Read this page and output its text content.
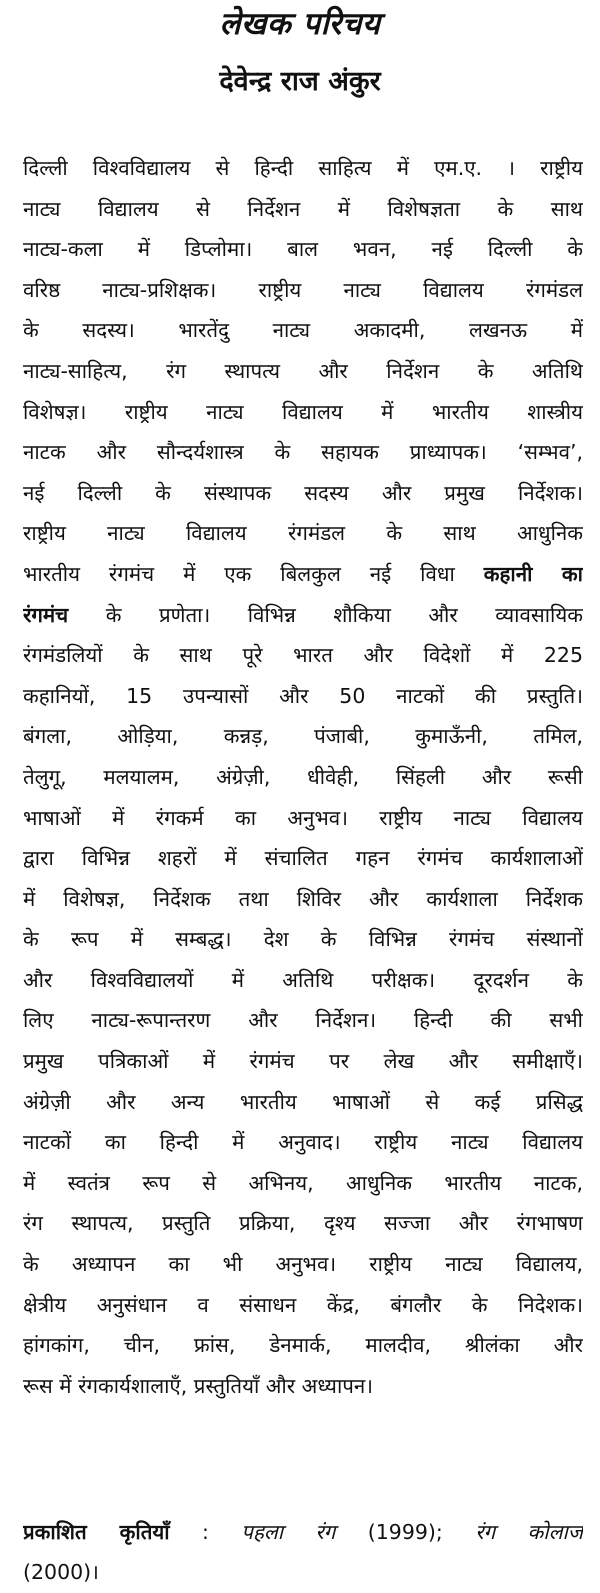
लेखक परिचय
देवेन्द्र राज अंकुर
दिल्ली विश्वविद्यालय से हिन्दी साहित्य में एम.ए. । राष्ट्रीय
नाट्य विद्यालय से निर्देशन में विशेषज्ञता के साथ
नाट्य-कला में डिप्लोमा। बाल भवन, नई दिल्ली के
वरिष्ठ नाट्य-प्रशिक्षक। राष्ट्रीय नाट्य विद्यालय रंगमंडल
के सदस्य। भारतेंदु नाट्य अकादमी, लखनऊ में
नाट्य-साहित्य, रंग स्थापत्य और निर्देशन के अतिथि
विशेषज्ञ। राष्ट्रीय नाट्य विद्यालय में भारतीय शास्त्रीय
नाटक और सौन्दर्यशास्त्र के सहायक प्राध्यापक। ‘सम्भव’,
नई दिल्ली के संस्थापक सदस्य और प्रमुख निर्देशक।
राष्ट्रीय नाट्य विद्यालय रंगमंडल के साथ आधुनिक
भारतीय रंगमंच में एक बिलकुल नई विधा कहानी का
रंगमंच के प्रणेता। विभिन्न शौकिया और व्यावसायिक
रंगमंडलियों के साथ पूरे भारत और विदेशों में 225
कहानियों, 15 उपन्यासों और 50 नाटकों की प्रस्तुति।
बंगला, ओड़िया, कन्नड़, पंजाबी, कुमाऊँनी, तमिल,
तेलुगू, मलयालम, अंग्रेज़ी, धीवेही, सिंहली और रूसी
भाषाओं में रंगकर्म का अनुभव। राष्ट्रीय नाट्य विद्यालय
द्वारा विभिन्न शहरों में संचालित गहन रंगमंच कार्यशालाओं
में विशेषज्ञ, निर्देशक तथा शिविर और कार्यशाला निर्देशक
के रूप में सम्बद्ध। देश के विभिन्न रंगमंच संस्थानों
और विश्वविद्यालयों में अतिथि परीक्षक। दूरदर्शन के
लिए नाट्य-रूपान्तरण और निर्देशन। हिन्दी की सभी
प्रमुख पत्रिकाओं में रंगमंच पर लेख और समीक्षाएँ।
अंग्रेज़ी और अन्य भारतीय भाषाओं से कई प्रसिद्ध
नाटकों का हिन्दी में अनुवाद। राष्ट्रीय नाट्य विद्यालय
में स्वतंत्र रूप से अभिनय, आधुनिक भारतीय नाटक,
रंग स्थापत्य, प्रस्तुति प्रक्रिया, दृश्य सज्जा और रंगभाषण
के अध्यापन का भी अनुभव। राष्ट्रीय नाट्य विद्यालय,
क्षेत्रीय अनुसंधान व संसाधन केंद्र, बंगलौर के निदेशक।
हांगकांग, चीन, फ्रांस, डेनमार्क, मालदीव, श्रीलंका और
रूस में रंगकार्यशालाएँ, प्रस्तुतियाँ और अध्यापन।
प्रकाशित कृतियाँ : पहला रंग (1999); रंग कोलाज
(2000)।
